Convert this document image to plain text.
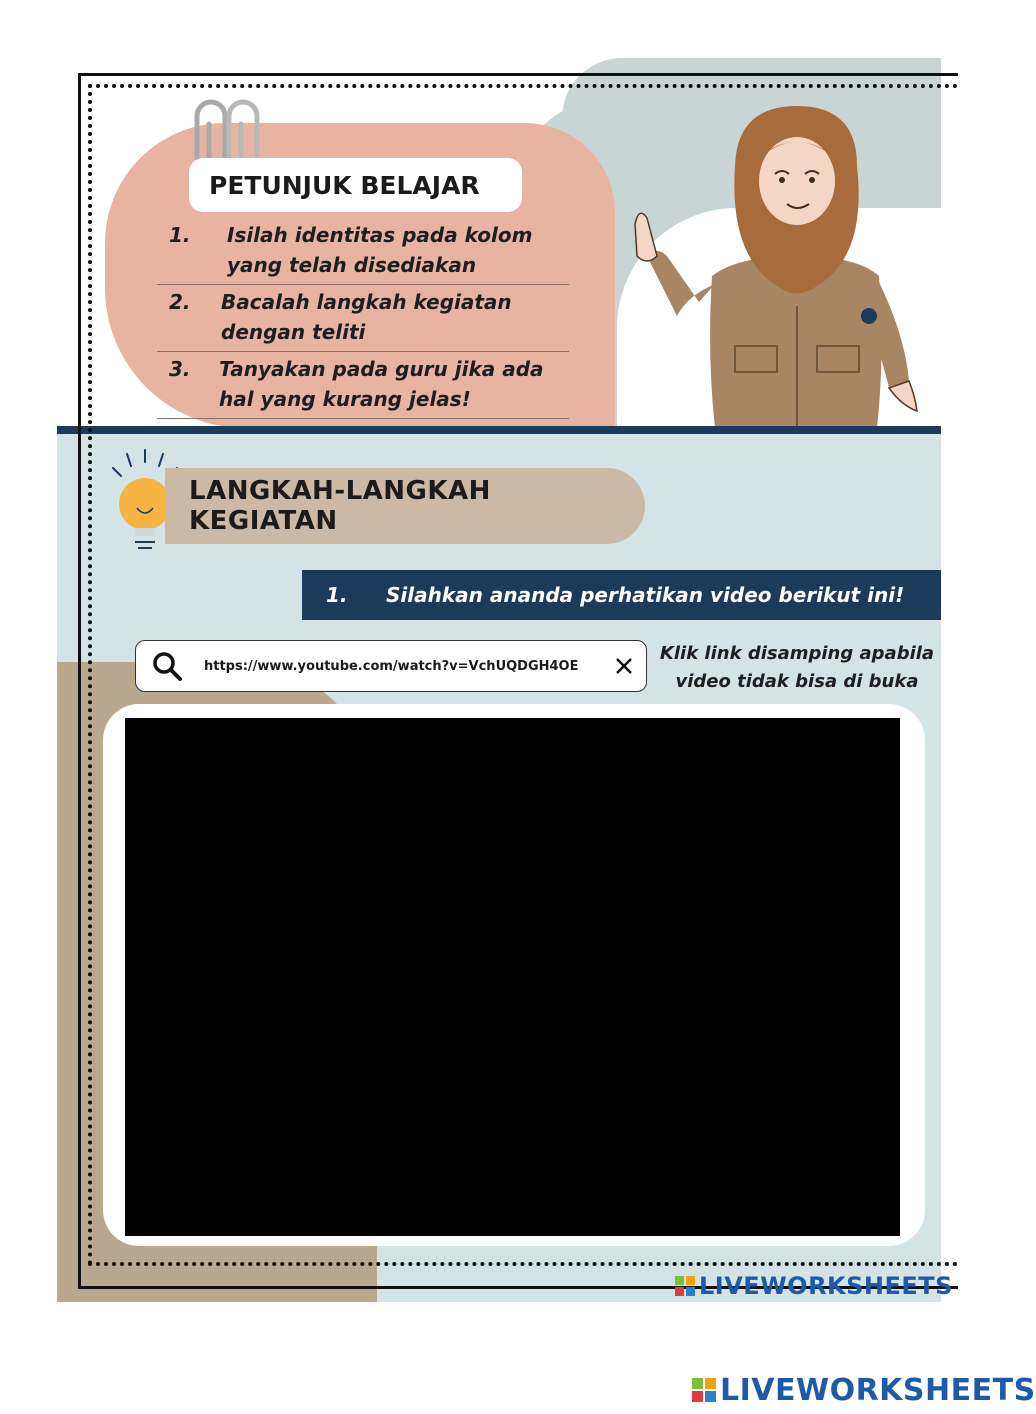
PETUNJUK BELAJAR
1.	Isilah identitas pada kolom
yang telah disediakan
2.	Bacalah langkah kegiatan
dengan teliti
3.	Tanyakan pada guru jika ada
hal yang kurang jelas!
LANGKAH-LANGKAH KEGIATAN
1.	Silahkan ananda perhatikan video berikut ini!
https://www.youtube.com/watch?v=VchUQDGH4OE
Klik link disamping apabila
video tidak bisa di buka
LIVEWORKSHEETS
LIVEWORKSHEETS
